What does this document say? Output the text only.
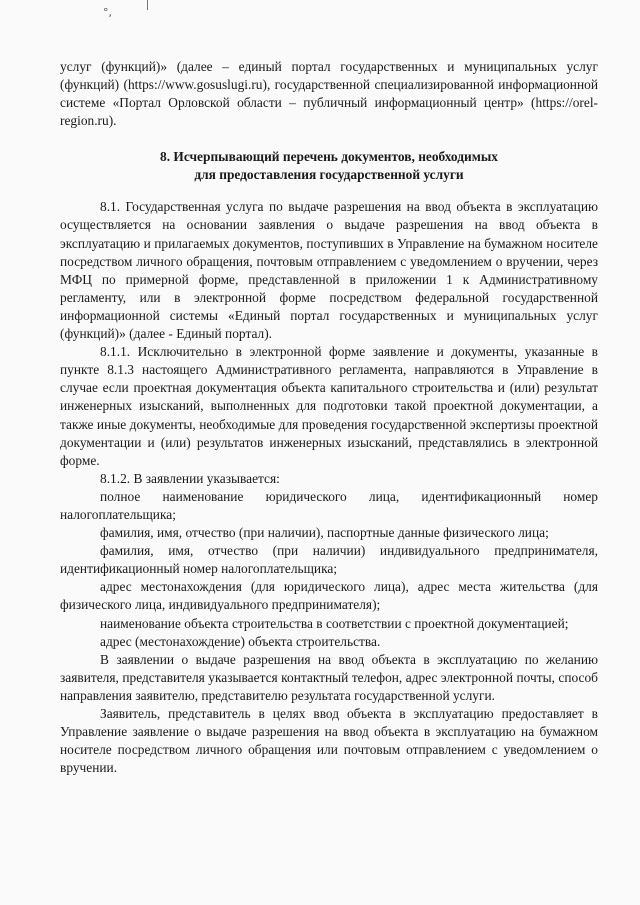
°,

услуг (функций)» (далее – единый портал государственных и муниципальных услуг (функций) (https://www.gosuslugi.ru), государственной специализированной информационной системе «Портал Орловской области – публичный информационный центр» (https://orel-region.ru).

8. Исчерпывающий перечень документов, необходимых
для предоставления государственной услуги

8.1. Государственная услуга по выдаче разрешения на ввод объекта в эксплуатацию осуществляется на основании заявления о выдаче разрешения на ввод объекта в эксплуатацию и прилагаемых документов, поступивших в Управление на бумажном носителе посредством личного обращения, почтовым отправлением с уведомлением о вручении, через МФЦ по примерной форме, представленной в приложении 1 к Административному регламенту, или в электронной форме посредством федеральной государственной информационной системы «Единый портал государственных и муниципальных услуг (функций)» (далее - Единый портал).

8.1.1. Исключительно в электронной форме заявление и документы, указанные в пункте 8.1.3 настоящего Административного регламента, направляются в Управление в случае если проектная документация объекта капитального строительства и (или) результат инженерных изысканий, выполненных для подготовки такой проектной документации, а также иные документы, необходимые для проведения государственной экспертизы проектной документации и (или) результатов инженерных изысканий, представлялись в электронной форме.

8.1.2. В заявлении указывается:

полное наименование юридического лица, идентификационный номер налогоплательщика;

фамилия, имя, отчество (при наличии), паспортные данные физического лица;

фамилия, имя, отчество (при наличии) индивидуального предпринимателя, идентификационный номер налогоплательщика;

адрес местонахождения (для юридического лица), адрес места жительства (для физического лица, индивидуального предпринимателя);

наименование объекта строительства в соответствии с проектной документацией;

адрес (местонахождение) объекта строительства.

В заявлении о выдаче разрешения на ввод объекта в эксплуатацию по желанию заявителя, представителя указывается контактный телефон, адрес электронной почты, способ направления заявителю, представителю результата государственной услуги.

Заявитель, представитель в целях ввод объекта в эксплуатацию предоставляет в Управление заявление о выдаче разрешения на ввод объекта в эксплуатацию на бумажном носителе посредством личного обращения или почтовым отправлением с уведомлением о вручении.
